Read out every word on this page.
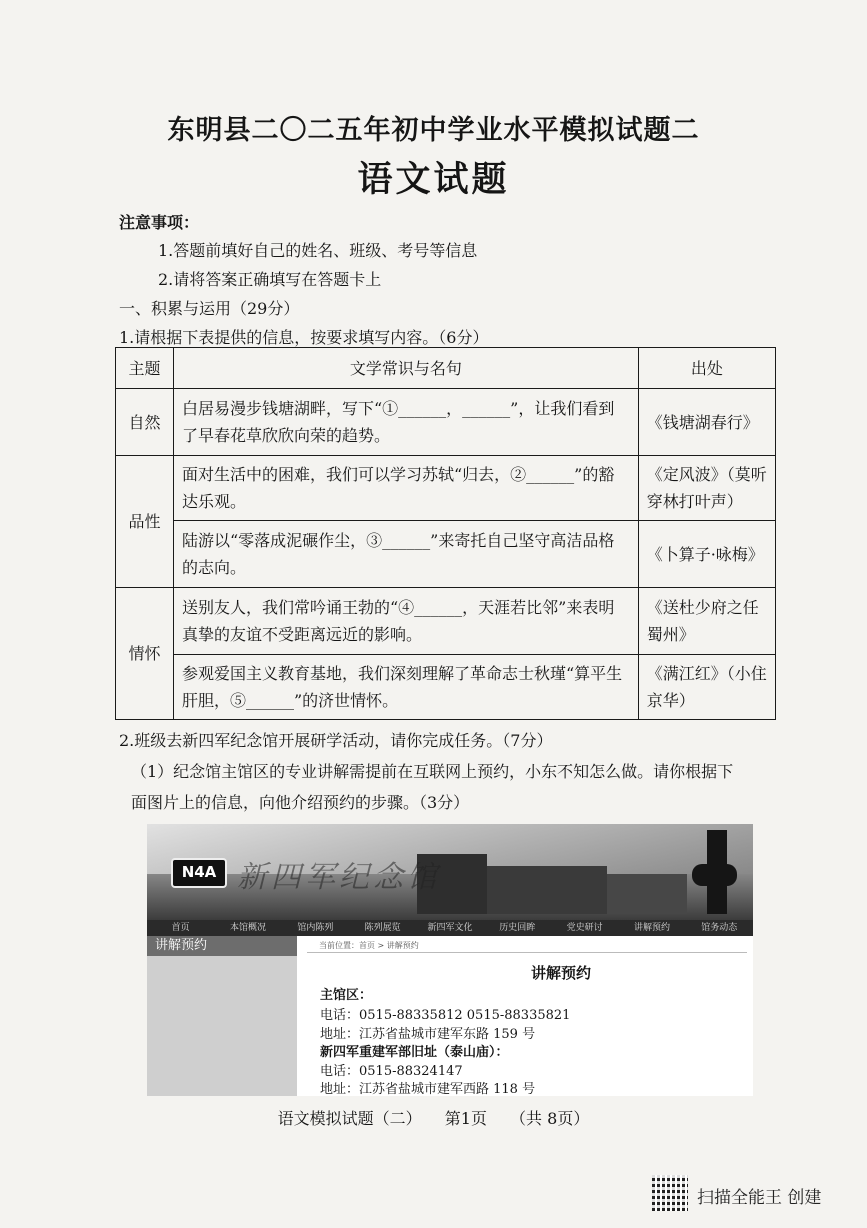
东明县二〇二五年初中学业水平模拟试题二
语文试题
注意事项：
1.答题前填好自己的姓名、班级、考号等信息
2.请将答案正确填写在答题卡上
一、积累与运用（29分）
1.请根据下表提供的信息，按要求填写内容。（6分）
主题	文学常识与名句	出处
自然	白居易漫步钱塘湖畔，写下“①______，______”，让我们看到了早春花草欣欣向荣的趋势。	《钱塘湖春行》
品性	面对生活中的困难，我们可以学习苏轼“归去，②______”的豁达乐观。	《定风波》（莫听穿林打叶声）
	陆游以“零落成泥碾作尘，③______”来寄托自己坚守高洁品格的志向。	《卜算子·咏梅》
情怀	送别友人，我们常吟诵王勃的“④______，天涯若比邻”来表明真挚的友谊不受距离远近的影响。	《送杜少府之任蜀州》
	参观爱国主义教育基地，我们深刻理解了革命志士秋瑾“算平生肝胆，⑤______”的济世情怀。	《满江红》（小住京华）
2.班级去新四军纪念馆开展研学活动，请你完成任务。（7分）
（1）纪念馆主馆区的专业讲解需提前在互联网上预约，小东不知怎么做。请你根据下
面图片上的信息，向他介绍预约的步骤。（3分）
N4A 新四军纪念馆
首页	本馆概况	馆内陈列	陈列展览	新四军文化	历史回眸	党史研讨	讲解预约	馆务动态
讲解预约	当前位置：首页 > 讲解预约
讲解预约
主馆区：
电话：0515-88335812 0515-88335821
地址：江苏省盐城市建军东路 159 号
新四军重建军部旧址（泰山庙）：
电话：0515-88324147
地址：江苏省盐城市建军西路 118 号
语文模拟试题（二） 第1页 （共 8页）
扫描全能王 创建
